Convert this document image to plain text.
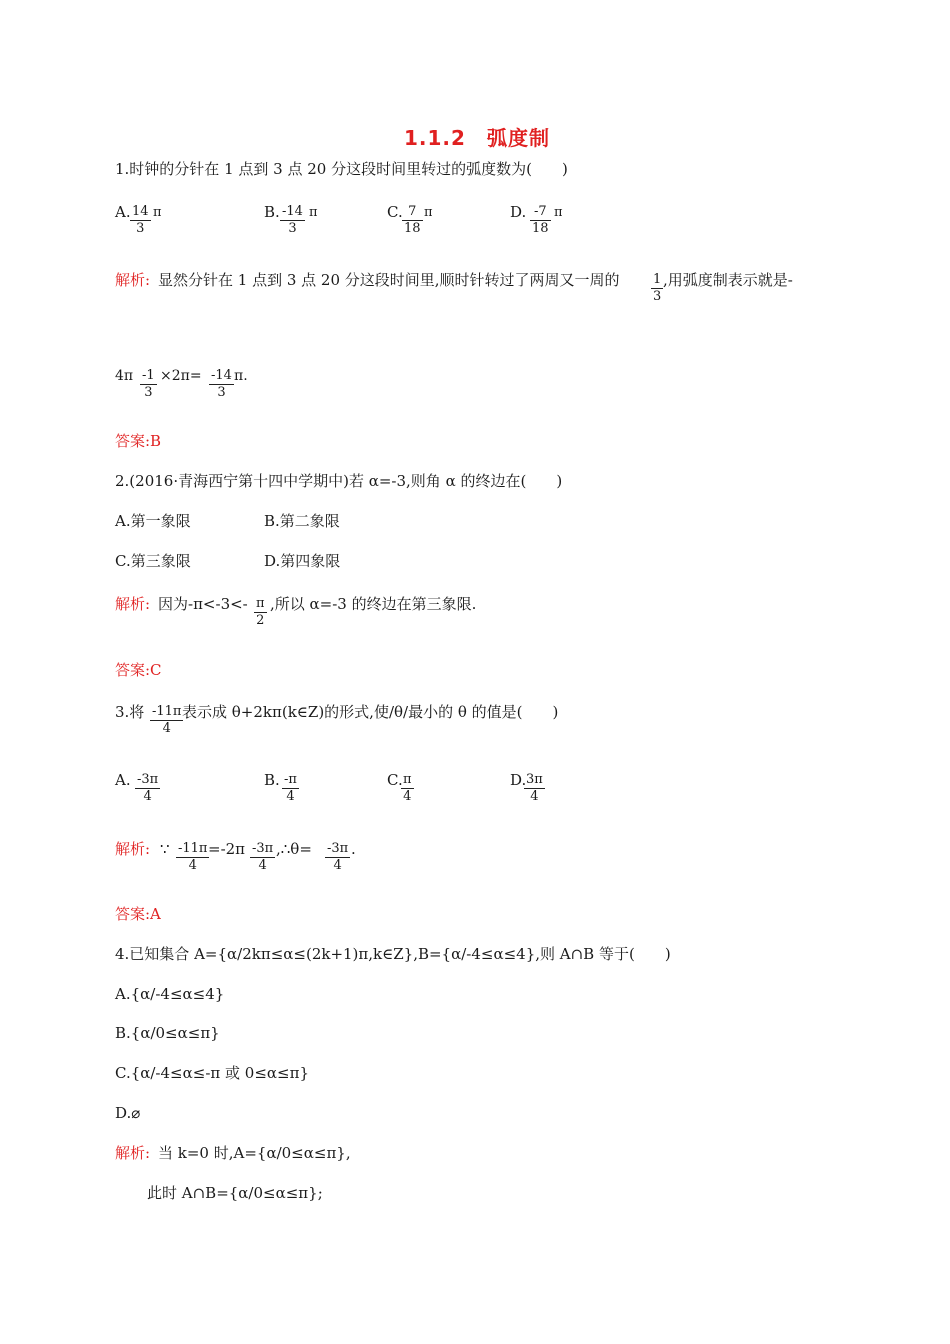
1.1.2　弧度制
1.时钟的分针在 1 点到 3 点 20 分这段时间里转过的弧度数为(　　)
A. $\frac{14}{3}$ π	B. $\frac{-14}{3}$ π	C. $\frac{7}{18}$ π	D. $\frac{-7}{18}$ π
解析: 显然分针在 1 点到 3 点 20 分这段时间里,顺时针转过了两周又一周的 $\frac{1}{3}$ ,用弧度制表示就是-
$4\pi \frac{-1}{3} \times 2\pi= \frac{-14}{3} \pi$.
答案:B
2.(2016·青海西宁第十四中学期中)若 α=-3,则角 α 的终边在(　　)
A.第一象限	B.第二象限
C.第三象限	D.第四象限
解析: 因为$-\pi<-3<- \frac{\pi}{2}$ ,所以 α=-3 的终边在第三象限.
答案:C
3.将 $\frac{-11\pi}{4}$
表示成 θ+2kπ(k∈Z)的形式,使/θ/最小的 θ 的值是(　　)
A. $\frac{-3\pi}{4}$	B. $\frac{-\pi}{4}$	C.
$\frac{\pi}{4}$	D.
$\frac{3\pi}{4}$
解析: ∵ $\frac{-11\pi}{4}$
$=-2\pi \frac{-3\pi}{4}$ ,∴θ= $\frac{-3\pi}{4}$ .
答案:A
4.已知集合 A={α/2kπ≤α≤(2k+1)π,k∈Z},B={α/-4≤α≤4},则 A∩B 等于(　　)
A.{α/-4≤α≤4}
B.{α/0≤α≤π}
C.{α/-4≤α≤-π 或 0≤α≤π}
D.⌀
解析: 当 k=0 时,A={α/0≤α≤π},
此时 A∩B={α/0≤α≤π};
